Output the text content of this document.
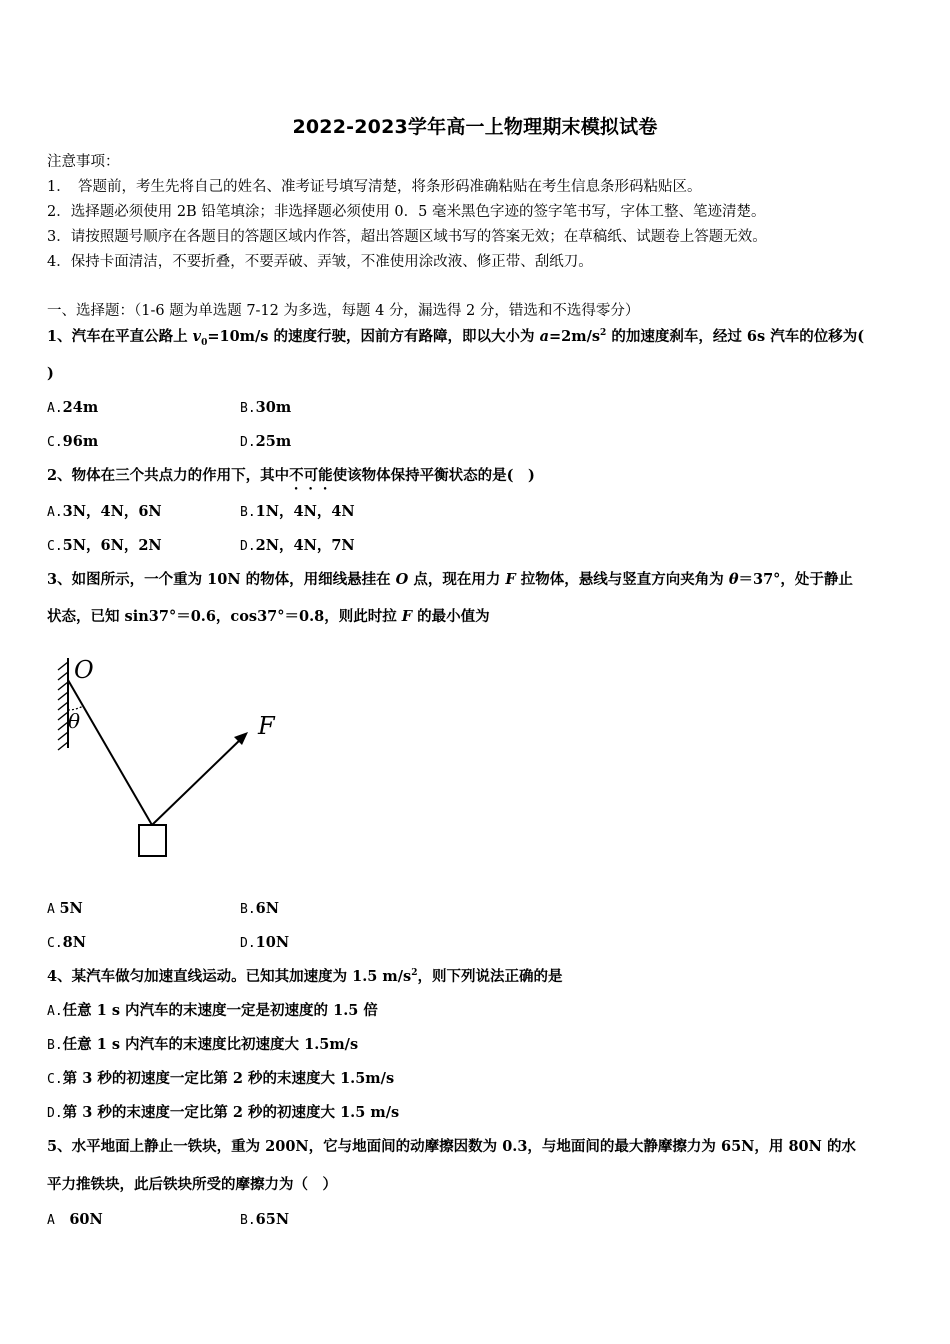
2022-2023学年高一上物理期末模拟试卷
注意事项：
1．　答题前，考生先将自己的姓名、准考证号填写清楚，将条形码准确粘贴在考生信息条形码粘贴区。
2．选择题必须使用 2B 铅笔填涂；非选择题必须使用 0．5 毫米黑色字迹的签字笔书写，字体工整、笔迹清楚。
3．请按照题号顺序在各题目的答题区域内作答，超出答题区域书写的答案无效；在草稿纸、试题卷上答题无效。
4．保持卡面清洁，不要折叠，不要弄破、弄皱，不准使用涂改液、修正带、刮纸刀。
一、选择题：（1-6 题为单选题 7-12 为多选，每题 4 分，漏选得 2 分，错选和不选得零分）
1、汽车在平直公路上 $v_0=10m/s$ 的速度行驶，因前方有路障，即以大小为 $a=2m/s^2$ 的加速度刹车，经过 6s 汽车的位移为(
)
A.24m	B.30m
C.96m	D.25m
2、物体在三个共点力的作用下，其中不可能使该物体保持平衡状态的是(　)
A.3N，4N，6N	B.1N，4N，4N
C.5N，6N，2N	D.2N，4N，7N
3、如图所示，一个重为 10N 的物体，用细线悬挂在 O 点，现在用力 F 拉物体，悬线与竖直方向夹角为 θ＝37°，处于静止
状态，已知 sin37°＝0.6，cos37°＝0.8，则此时拉 F 的最小值为
O
θ	F
A 5N	B.6N
C.8N	D.10N
4、某汽车做匀加速直线运动。已知其加速度为 1.5 $m/s^2$，则下列说法正确的是
A.任意 1 s 内汽车的末速度一定是初速度的 1.5 倍
B.任意 1 s 内汽车的末速度比初速度大 1.5m/s
C.第 3 秒的初速度一定比第 2 秒的末速度大 1.5m/s
D.第 3 秒的末速度一定比第 2 秒的初速度大 1.5 m/s
5、水平地面上静止一铁块，重为 200N，它与地面间的动摩擦因数为 0.3，与地面间的最大静摩擦力为 65N，用 80N 的水
平力推铁块，此后铁块所受的摩擦力为（　）
A　 60N	B.65N
